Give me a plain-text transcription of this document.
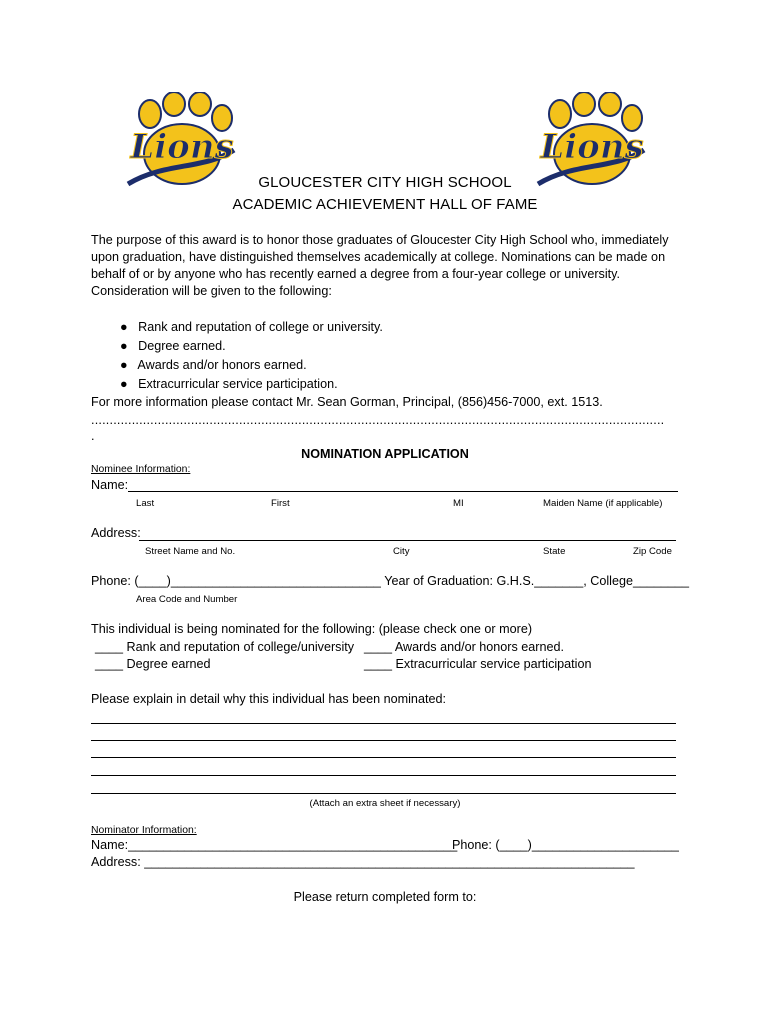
Lions	Lions
GLOUCESTER CITY HIGH SCHOOL
ACADEMIC ACHIEVEMENT HALL OF FAME
The purpose of this award is to honor those graduates of Gloucester City High School who, immediately
upon graduation, have distinguished themselves academically at college. Nominations can be made on
behalf of or by anyone who has recently earned a degree from a four-year college or university.
Consideration will be given to the following:

● Rank and reputation of college or university.

● Degree earned.

● Awards and/or honors earned.

● Extracurricular service participation.

For more information please contact Mr. Sean Gorman, Principal, (856)456-7000, ext. 1513.
...........................................................................................................................................................
.
NOMINATION APPLICATION
Nominee Information:
Name:
Last	First	MI	Maiden Name (if applicable)
Address:
Street Name and No.	City	State	Zip Code
Phone: (____)______________________________ Year of Graduation: G.H.S._______, College________
Area Code and Number
This individual is being nominated for the following: (please check one or more)
____ Rank and reputation of college/university ____ Awards and/or honors earned.
____ Degree earned	____ Extracurricular service participation
Please explain in detail why this individual has been nominated:
(Attach an extra sheet if necessary)
Nominator Information:
Name:_______________________________________________
Phone: (____)_____________________
Address: ______________________________________________________________________
Please return completed form to:
